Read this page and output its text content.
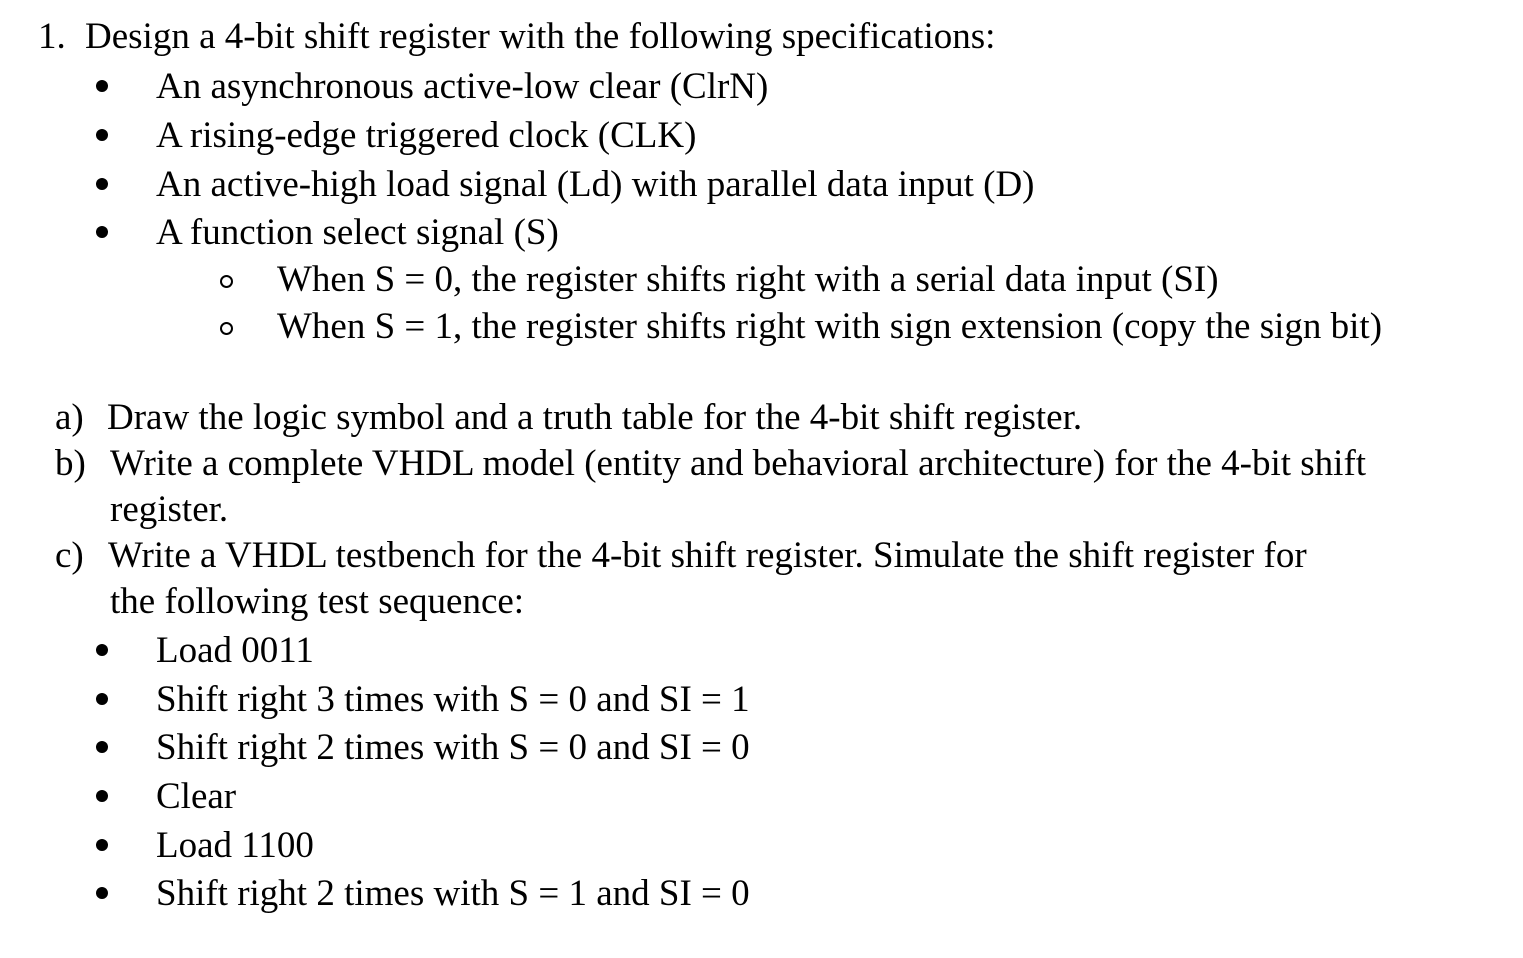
1. Design a 4-bit shift register with the following specifications:
An asynchronous active-low clear (ClrN)
A rising-edge triggered clock (CLK)
An active-high load signal (Ld) with parallel data input (D)
A function select signal (S)
When S = 0, the register shifts right with a serial data input (SI)
When S = 1, the register shifts right with sign extension (copy the sign bit)
a) Draw the logic symbol and a truth table for the 4-bit shift register.
b) Write a complete VHDL model (entity and behavioral architecture) for the 4-bit shift
register.
c) Write a VHDL testbench for the 4-bit shift register. Simulate the shift register for
the following test sequence:
Load 0011
Shift right 3 times with S = 0 and SI = 1
Shift right 2 times with S = 0 and SI = 0
Clear
Load 1100
Shift right 2 times with S = 1 and SI = 0
